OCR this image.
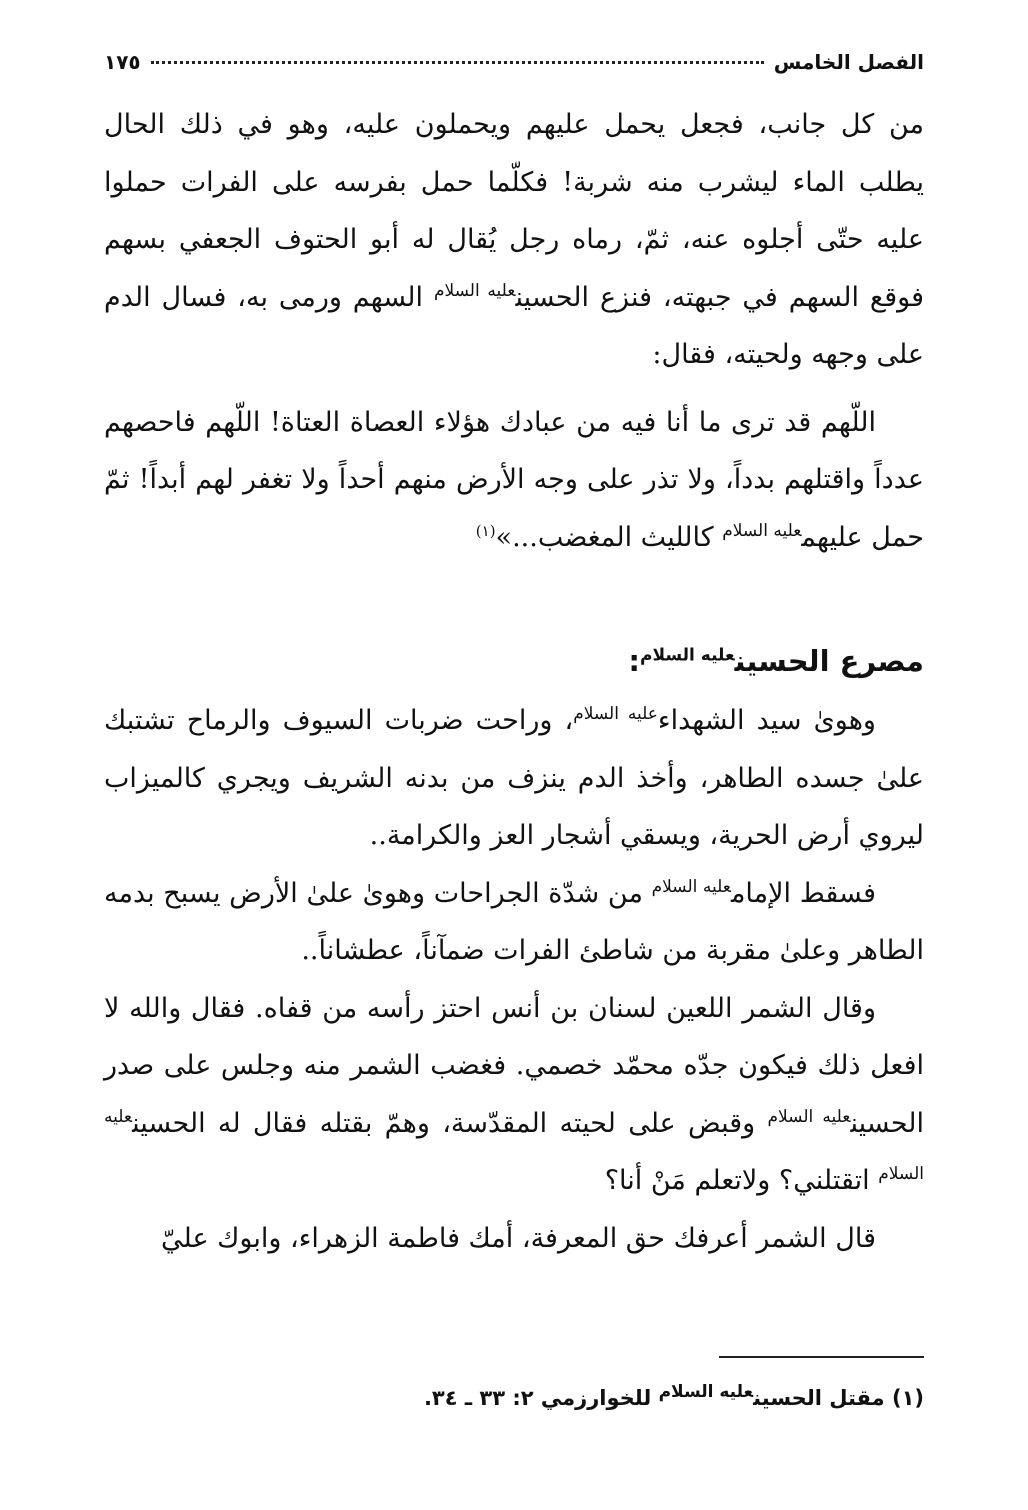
الفصل الخامس
١٧٥

من كل جانب، فجعل يحمل عليهم ويحملون عليه، وهو في ذلك الحال يطلب الماء ليشرب منه شربة! فكلّما حمل بفرسه على الفرات حملوا عليه حتّى أجلوه عنه، ثمّ، رماه رجل يُقال له أبو الحتوف الجعفي بسهم فوقع السهم في جبهته، فنزع الحسين$^{عليه السلام}$ السهم ورمى به، فسال الدم على وجهه ولحيته، فقال:

اللّهم قد ترى ما أنا فيه من عبادك هؤلاء العصاة العتاة! اللّهم فاحصهم عدداً واقتلهم بدداً، ولا تذر على وجه الأرض منهم أحداً ولا تغفر لهم أبداً! ثمّ حمل عليهم$^{عليه السلام}$ كالليث المغضب...»$^{(١)}$

مصرع الحسين$^{عليه السلام}$:

وهوىٰ سيد الشهداء$^{عليه السلام}$، وراحت ضربات السيوف والرماح تشتبك علىٰ جسده الطاهر، وأخذ الدم ينزف من بدنه الشريف ويجري كالميزاب ليروي أرض الحرية، ويسقي أشجار العز والكرامة..

فسقط الإمام$^{عليه السلام}$ من شدّة الجراحات وهوىٰ علىٰ الأرض يسبح بدمه الطاهر وعلىٰ مقربة من شاطئ الفرات ضمآناً، عطشاناً..

وقال الشمر اللعين لسنان بن أنس احتز رأسه من قفاه. فقال والله لا افعل ذلك فيكون جدّه محمّد خصمي. فغضب الشمر منه وجلس على صدر الحسين$^{عليه السلام}$ وقبض على لحيته المقدّسة، وهمّ بقتله فقال له الحسين$^{عليه السلام}$ اتقتلني؟ ولاتعلم مَنْ أنا؟

قال الشمر أعرفك حق المعرفة، أمك فاطمة الزهراء، وابوك عليّ

(١) مقتل الحسين$^{عليه السلام}$ للخوارزمي ٢: ٣٣ ـ ٣٤.
